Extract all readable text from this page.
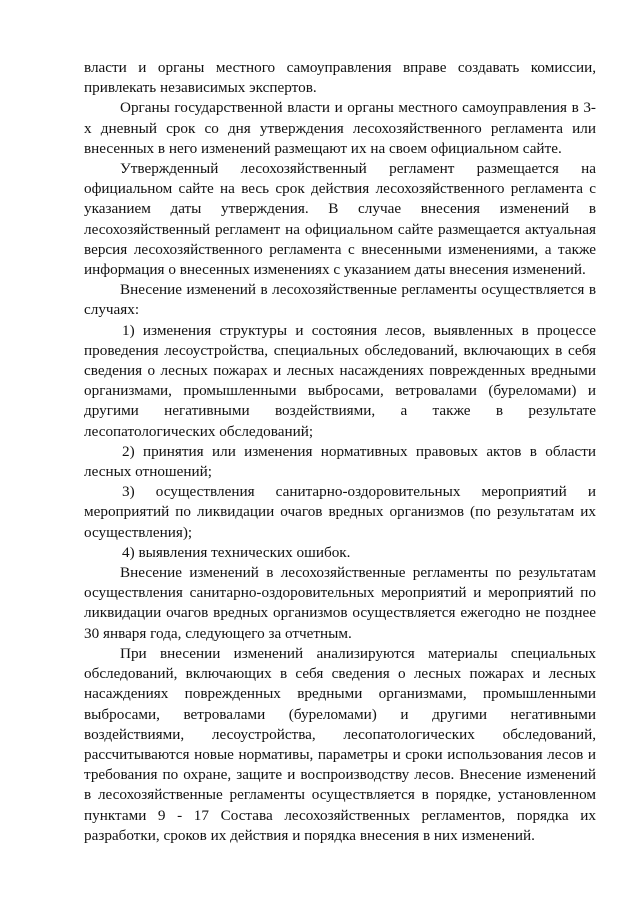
власти и органы местного самоуправления вправе создавать комиссии, привлекать независимых экспертов.

Органы государственной власти и органы местного самоуправления в 3-х дневный срок со дня утверждения лесохозяйственного регламента или внесенных в него изменений размещают их на своем официальном сайте.

Утвержденный лесохозяйственный регламент размещается на официальном сайте на весь срок действия лесохозяйственного регламента с указанием даты утверждения. В случае внесения изменений в лесохозяйственный регламент на официальном сайте размещается актуальная версия лесохозяйственного регламента с внесенными изменениями, а также информация о внесенных изменениях с указанием даты внесения изменений.

Внесение изменений в лесохозяйственные регламенты осуществляется в случаях:

1) изменения структуры и состояния лесов, выявленных в процессе проведения лесоустройства, специальных обследований, включающих в себя сведения о лесных пожарах и лесных насаждениях поврежденных вредными организмами, промышленными выбросами, ветровалами (буреломами) и другими негативными воздействиями, а также в результате лесопатологических обследований;

2) принятия или изменения нормативных правовых актов в области лесных отношений;

3) осуществления санитарно-оздоровительных мероприятий и мероприятий по ликвидации очагов вредных организмов (по результатам их осуществления);

4) выявления технических ошибок.

Внесение изменений в лесохозяйственные регламенты по результатам осуществления санитарно-оздоровительных мероприятий и мероприятий по ликвидации очагов вредных организмов осуществляется ежегодно не позднее 30 января года, следующего за отчетным.

При внесении изменений анализируются материалы специальных обследований, включающих в себя сведения о лесных пожарах и лесных насаждениях поврежденных вредными организмами, промышленными выбросами, ветровалами (буреломами) и другими негативными воздействиями, лесоустройства, лесопатологических обследований, рассчитываются новые нормативы, параметры и сроки использования лесов и требования по охране, защите и воспроизводству лесов. Внесение изменений в лесохозяйственные регламенты осуществляется в порядке, установленном пунктами 9 - 17 Состава лесохозяйственных регламентов, порядка их разработки, сроков их действия и порядка внесения в них изменений.
